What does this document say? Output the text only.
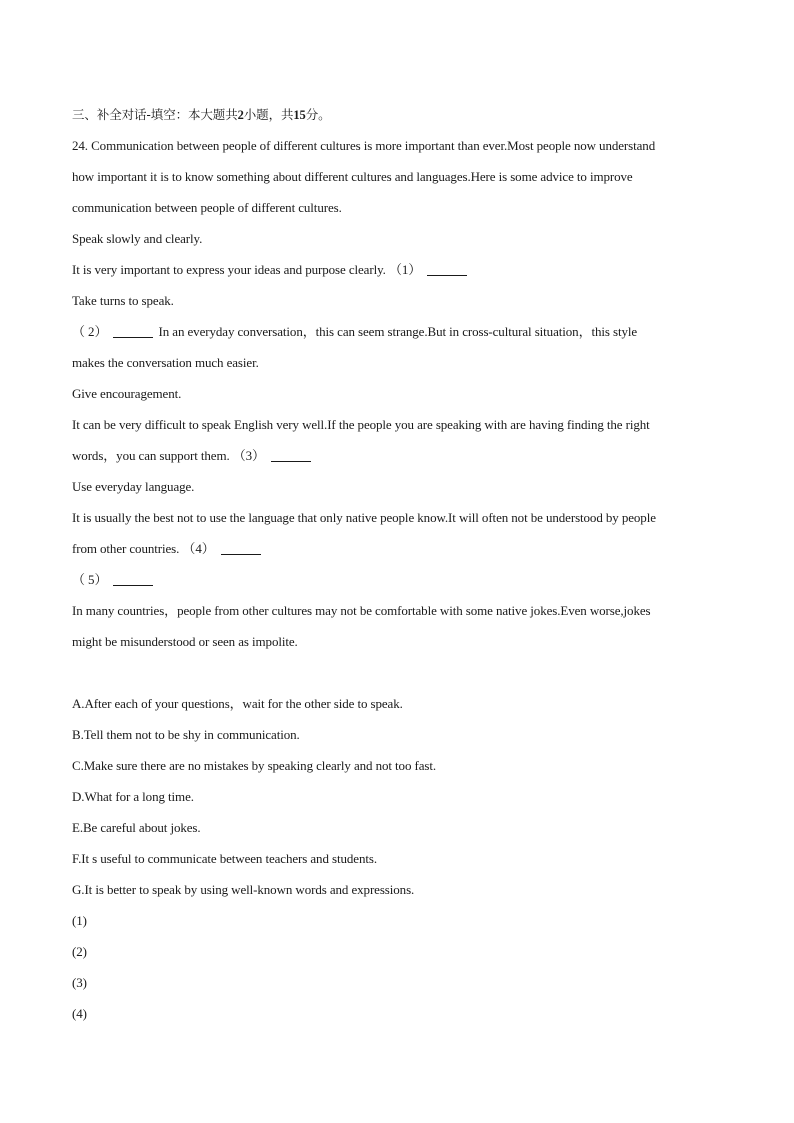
三、补全对话-填空：本大题共2小题，共15分。
24. Communication between people of different cultures is more important than ever.Most people now understand
how important it is to know something about different cultures and languages.Here is some advice to improve
communication between people of different cultures.
Speak slowly and clearly.
It is very important to express your ideas and purpose clearly. （1）
Take turns to speak.
（ 2）	In an everyday conversation，this can seem strange.But in cross-cultural situation，this style
makes the conversation much easier.
Give encouragement.
It can be very difficult to speak English very well.If the people you are speaking with are having finding the right
words，you can support them. （3）
Use everyday language.
It is usually the best not to use the language that only native people know.It will often not be understood by people
from other countries. （4）
（ 5）
In many countries，people from other cultures may not be comfortable with some native jokes.Even worse,jokes
might be misunderstood or seen as impolite.
A.After each of your questions，wait for the other side to speak.
B.Tell them not to be shy in communication.
C.Make sure there are no mistakes by speaking clearly and not too fast.
D.What for a long time.
E.Be careful about jokes.
F.It s useful to communicate between teachers and students.
G.It is better to speak by using well-known words and expressions.
(1)
(2)
(3)
(4)
